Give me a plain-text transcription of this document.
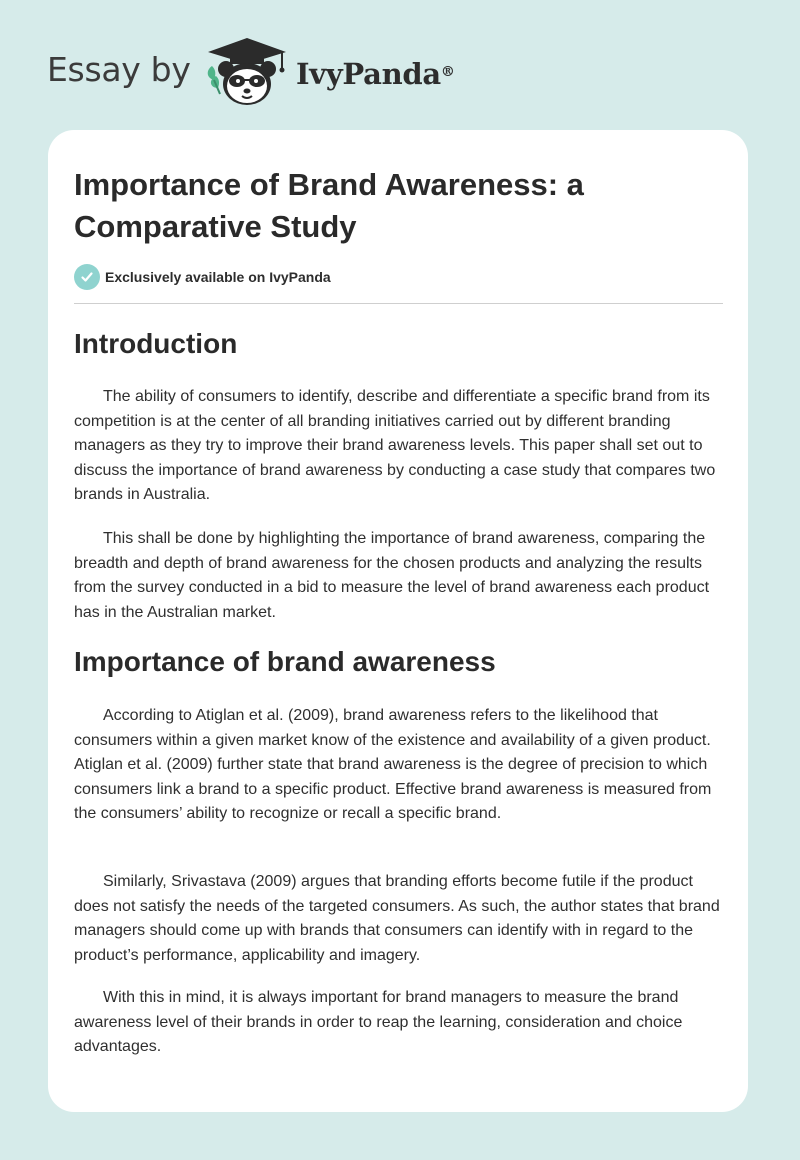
Essay by	IvyPanda®
Importance of Brand Awareness: a Comparative Study
Exclusively available on IvyPanda
Introduction

The ability of consumers to identify, describe and differentiate a specific brand from its competition is at the center of all branding initiatives carried out by different branding managers as they try to improve their brand awareness levels. This paper shall set out to discuss the importance of brand awareness by conducting a case study that compares two brands in Australia.

This shall be done by highlighting the importance of brand awareness, comparing the breadth and depth of brand awareness for the chosen products and analyzing the results from the survey conducted in a bid to measure the level of brand awareness each product has in the Australian market.

Importance of brand awareness

According to Atiglan et al. (2009), brand awareness refers to the likelihood that consumers within a given market know of the existence and availability of a given product. Atiglan et al. (2009) further state that brand awareness is the degree of precision to which consumers link a brand to a specific product. Effective brand awareness is measured from the consumers’ ability to recognize or recall a specific brand.

Similarly, Srivastava (2009) argues that branding efforts become futile if the product does not satisfy the needs of the targeted consumers. As such, the author states that brand managers should come up with brands that consumers can identify with in regard to the product’s performance, applicability and imagery.

With this in mind, it is always important for brand managers to measure the brand awareness level of their brands in order to reap the learning, consideration and choice advantages.
